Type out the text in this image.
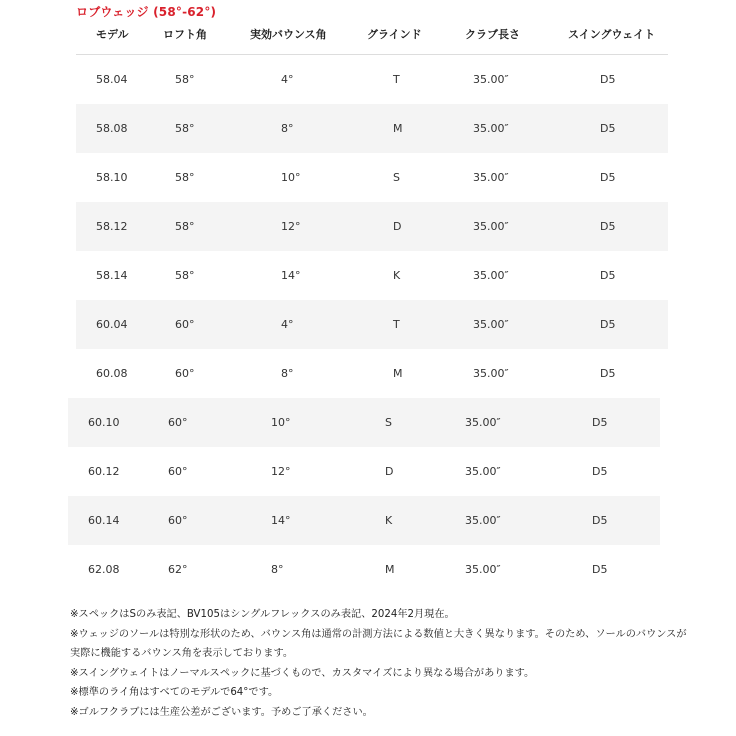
ロブウェッジ (58°-62°)
モデル	ロフト角	実効バウンス角	グラインド	クラブ長さ	スイングウェイト
58.04	58°	4°	T	35.00″	D5
58.08	58°	8°	M	35.00″	D5
58.10	58°	10°	S	35.00″	D5
58.12	58°	12°	D	35.00″	D5
58.14	58°	14°	K	35.00″	D5
60.04	60°	4°	T	35.00″	D5
60.08	60°	8°	M	35.00″	D5
60.10	60°	10°	S	35.00″	D5
60.12	60°	12°	D	35.00″	D5
60.14	60°	14°	K	35.00″	D5
62.08	62°	8°	M	35.00″	D5
※スペックはSのみ表記、BV105はシングルフレックスのみ表記、2024年2月現在。
※ウェッジのソールは特別な形状のため、バウンス角は通常の計測方法による数値と大きく異なります。そのため、ソールのバウンスが実際に機能するバウンス角を表示しております。
※スイングウェイトはノーマルスペックに基づくもので、カスタマイズにより異なる場合があります。
※標準のライ角はすべてのモデルで64°です。
※ゴルフクラブには生産公差がございます。予めご了承ください。
